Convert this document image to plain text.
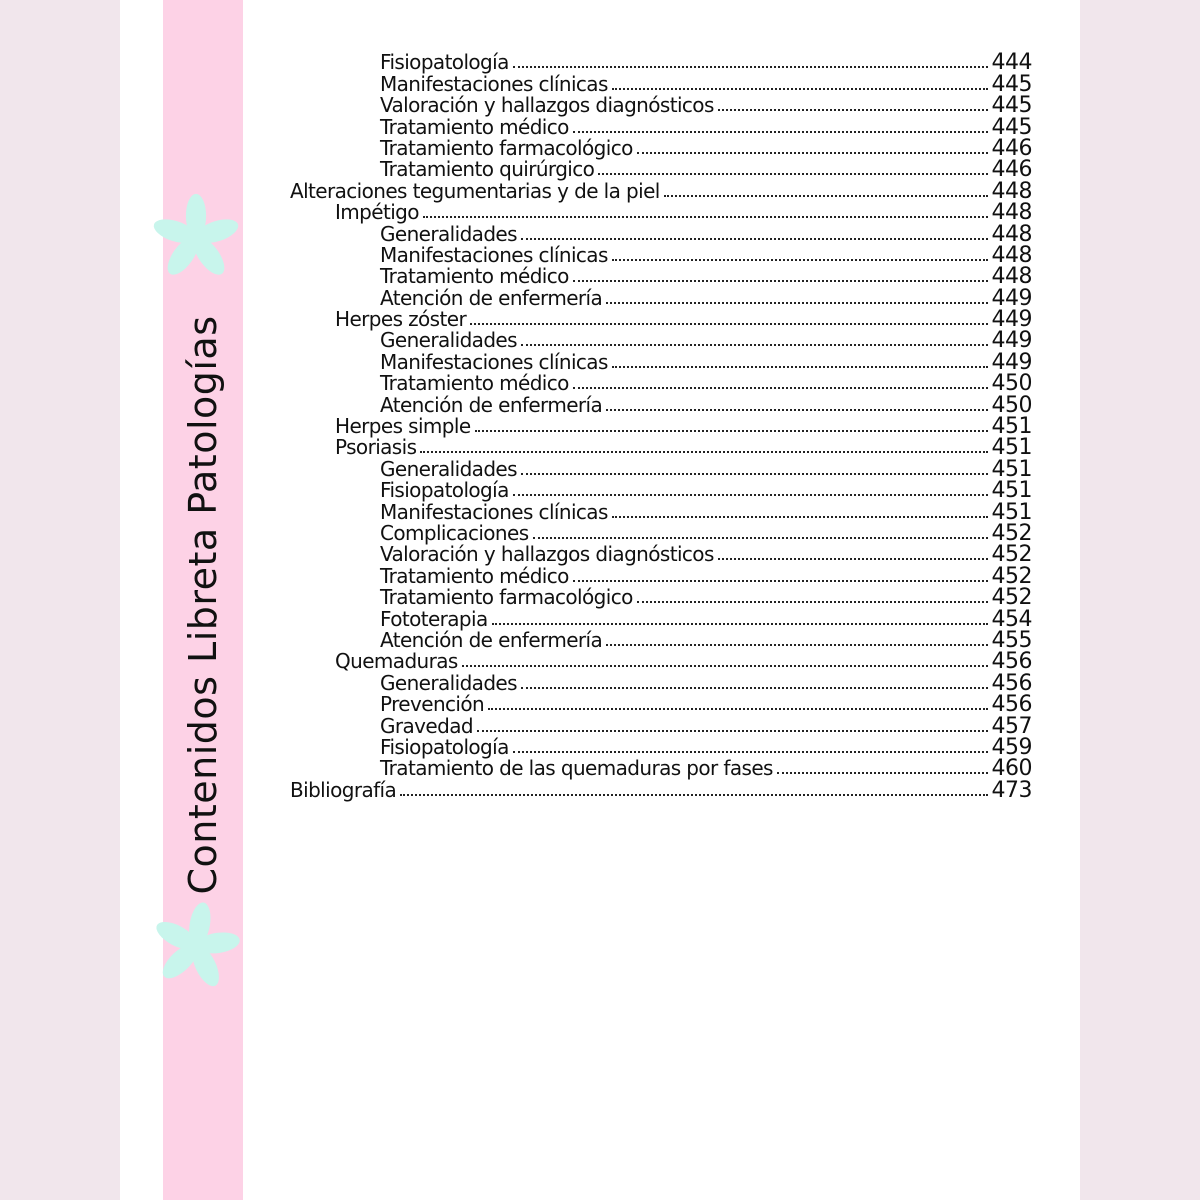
Contenidos Libreta Patologías
Fisiopatología	444
Manifestaciones clínicas	445
Valoración y hallazgos diagnósticos	445
Tratamiento médico	445
Tratamiento farmacológico	446
Tratamiento quirúrgico	446
Alteraciones tegumentarias y de la piel	448
Impétigo	448
Generalidades	448
Manifestaciones clínicas	448
Tratamiento médico	448
Atención de enfermería	449
Herpes zóster	449
Generalidades	449
Manifestaciones clínicas	449
Tratamiento médico	450
Atención de enfermería	450
Herpes simple	451
Psoriasis	451
Generalidades	451
Fisiopatología	451
Manifestaciones clínicas	451
Complicaciones	452
Valoración y hallazgos diagnósticos	452
Tratamiento médico	452
Tratamiento farmacológico	452
Fototerapia	454
Atención de enfermería	455
Quemaduras	456
Generalidades	456
Prevención	456
Gravedad	457
Fisiopatología	459
Tratamiento de las quemaduras por fases	460
Bibliografía	473
